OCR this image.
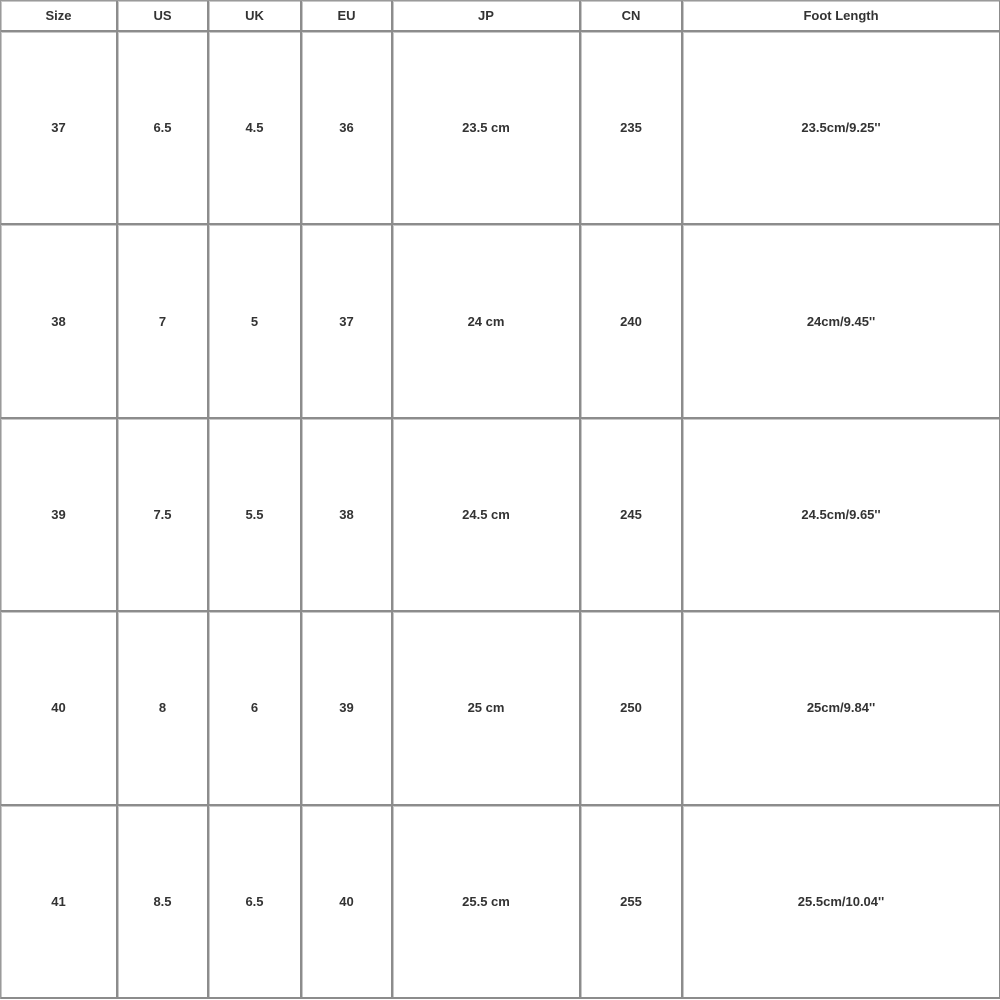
Size	US	UK	EU	JP	CN	Foot Length
37	6.5	4.5	36	23.5 cm	235	23.5cm/9.25''
38	7	5	37	24 cm	240	24cm/9.45''
39	7.5	5.5	38	24.5 cm	245	24.5cm/9.65''
40	8	6	39	25 cm	250	25cm/9.84''
41	8.5	6.5	40	25.5 cm	255	25.5cm/10.04''
